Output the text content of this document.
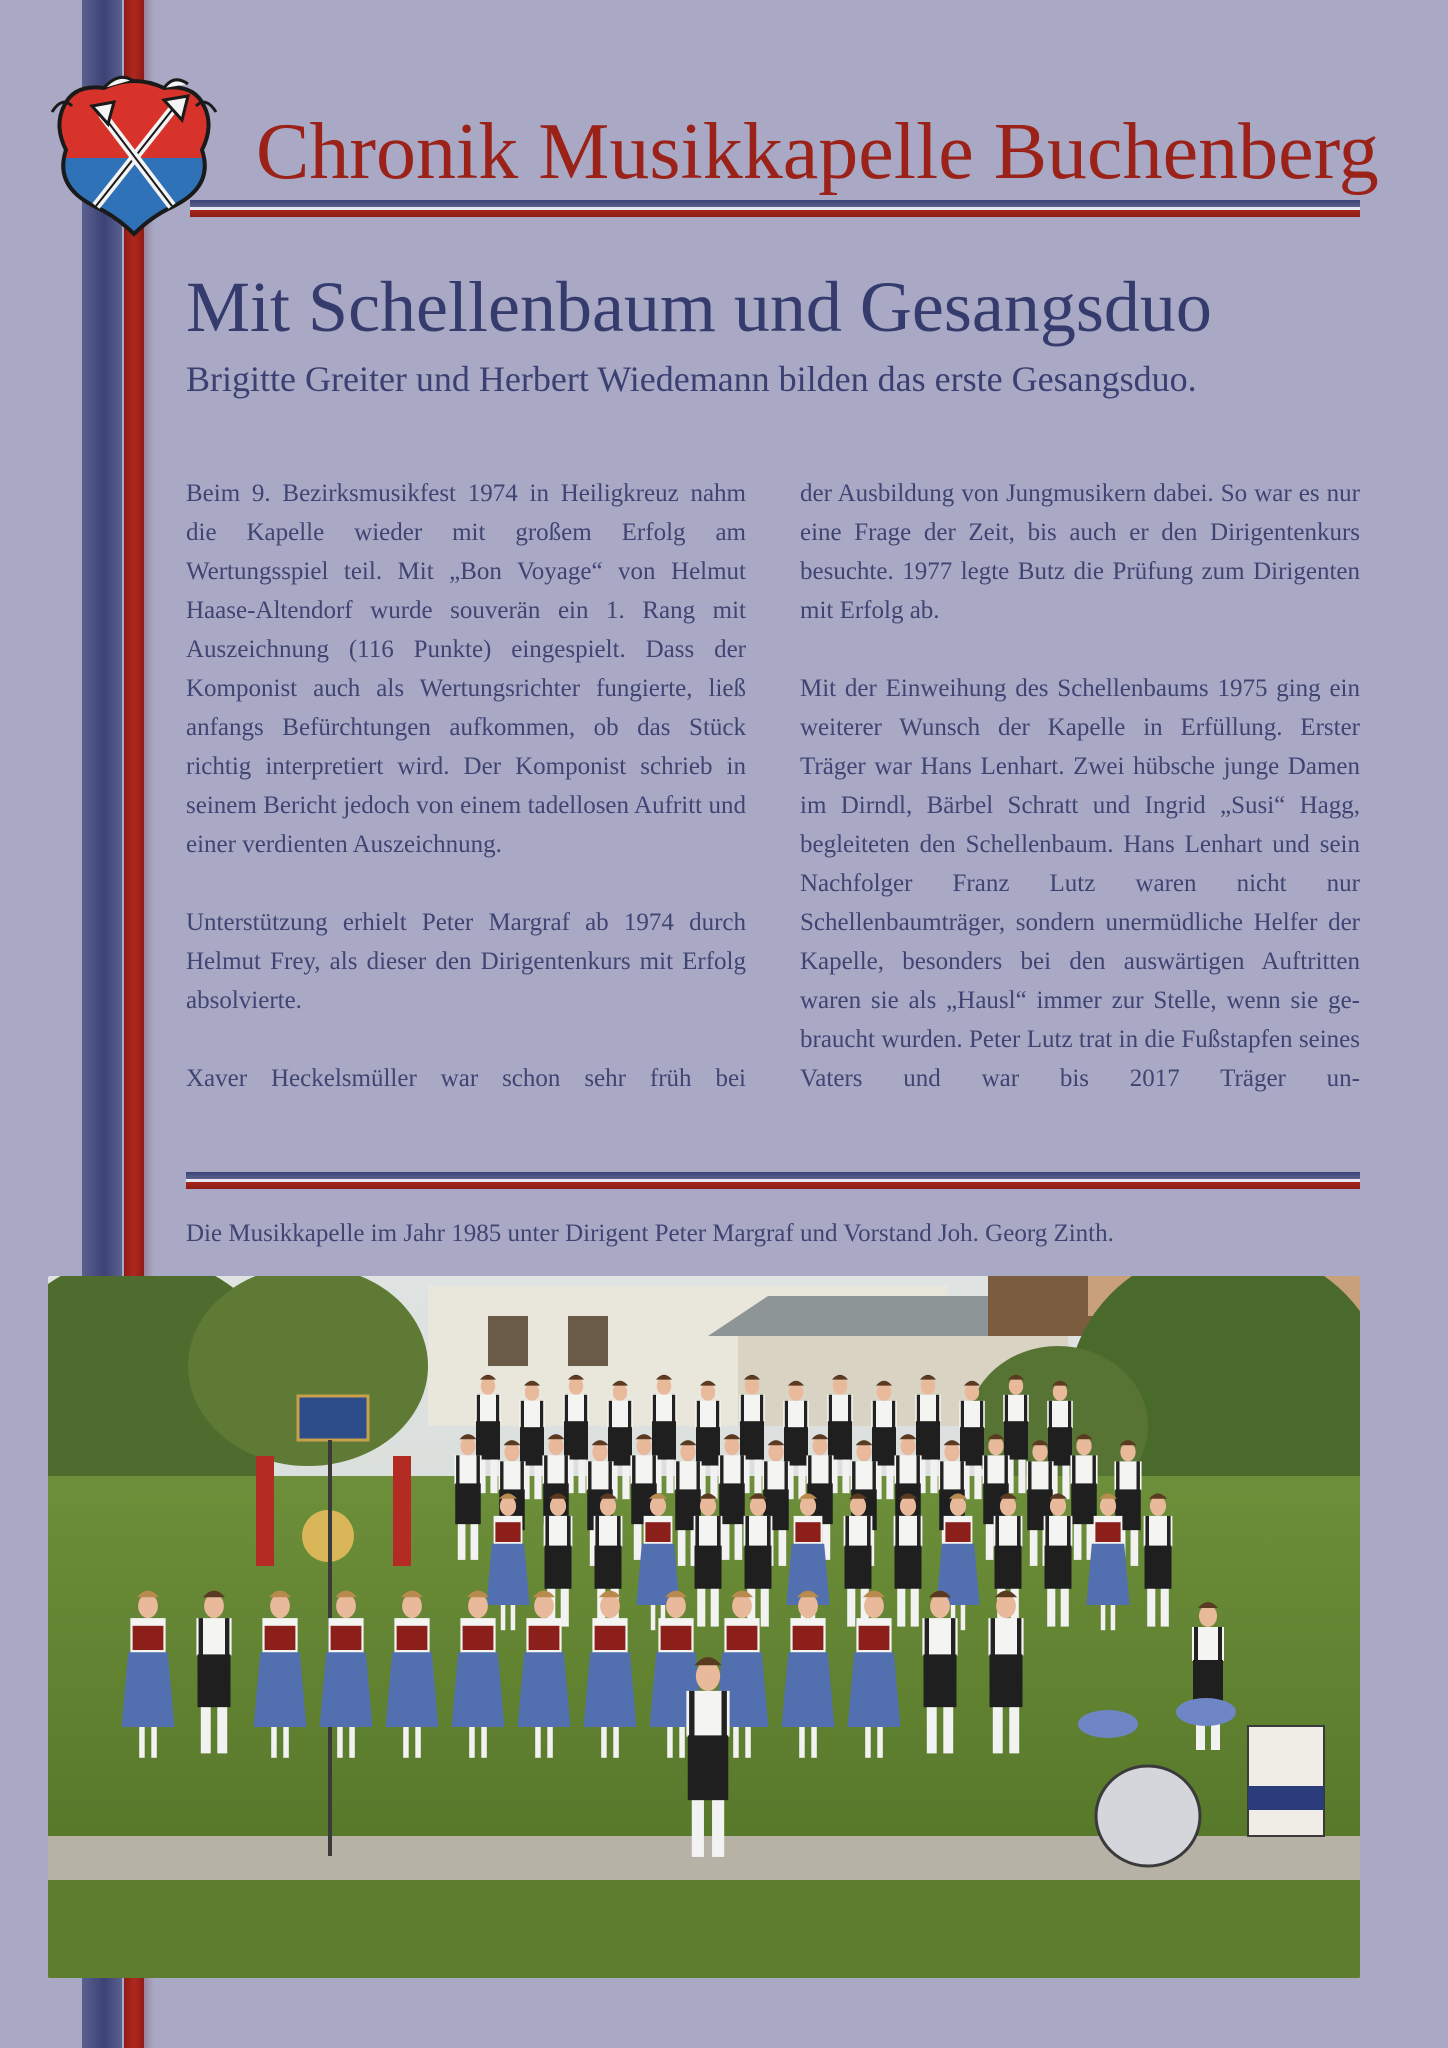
Chronik Musikkapelle Buchenberg
Mit Schellenbaum und Gesangsduo
Brigitte Greiter und Herbert Wiedemann bilden das erste Gesangsduo.

Beim 9. Bezirksmusikfest 1974 in Heiligkreuz nahm die Kapelle wieder mit großem Erfolg am Wertungsspiel teil. Mit „Bon Voyage“ von Helmut Haase-Altendorf wurde souverän ein 1. Rang mit Auszeichnung (116 Punkte) eingespielt. Dass der Komponist auch als Wertungsrichter fungierte, ließ anfangs Befürchtungen aufkommen, ob das Stück richtig interpretiert wird. Der Komponist schrieb in seinem Bericht jedoch von einem tadellosen Aufritt und einer verdienten Auszeichnung.

Unterstützung erhielt Peter Margraf ab 1974 durch Helmut Frey, als dieser den Dirigentenkurs mit Erfolg absolvierte.

Xaver Heckelsmüller war schon sehr früh bei

der Ausbildung von Jungmusikern dabei. So war es nur eine Frage der Zeit, bis auch er den Dirigentenkurs besuchte. 1977 legte Butz die Prüfung zum Dirigenten mit Erfolg ab.

Mit der Einweihung des Schellenbaums 1975 ging ein weiterer Wunsch der Kapelle in Erfüllung. Erster Träger war Hans Lenhart. Zwei hübsche junge Damen im Dirndl, Bärbel Schratt und Ingrid „Susi“ Hagg, begleiteten den Schellenbaum. Hans Lenhart und sein Nachfolger Franz Lutz waren nicht nur Schellenbaumträger, sondern unermüdliche Helfer der Kapelle, besonders bei den auswärtigen Auftritten waren sie als „Hausl“ immer zur Stelle, wenn sie gebraucht wurden. Peter Lutz trat in die Fußstapfen seines Vaters und war bis 2017 Träger un-

Die Musikkapelle im Jahr 1985 unter Dirigent Peter Margraf und Vorstand Joh. Georg Zinth.
